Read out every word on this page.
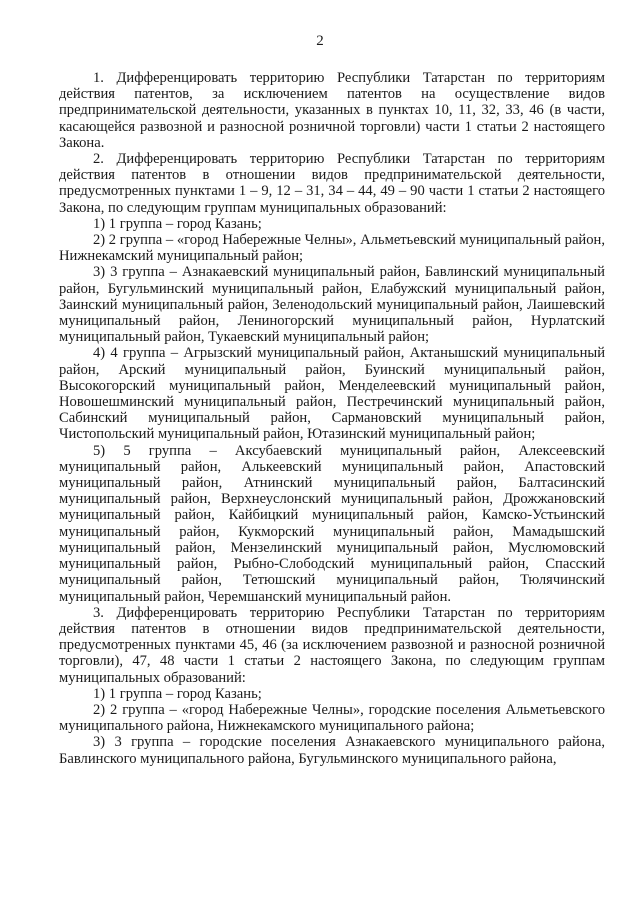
2

1. Дифференцировать территорию Республики Татарстан по территориям действия патентов, за исключением патентов на осуществление видов предпринимательской деятельности, указанных в пунктах 10, 11, 32, 33, 46 (в части, касающейся развозной и разносной розничной торговли) части 1 статьи 2 настоящего Закона.

2. Дифференцировать территорию Республики Татарстан по территориям действия патентов в отношении видов предпринимательской деятельности, предусмотренных пунктами 1 – 9, 12 – 31, 34 – 44, 49 – 90 части 1 статьи 2 настоящего Закона, по следующим группам муниципальных образований:

1) 1 группа – город Казань;

2) 2 группа – «город Набережные Челны», Альметьевский муниципальный район, Нижнекамский муниципальный район;

3) 3 группа – Азнакаевский муниципальный район, Бавлинский муниципальный район, Бугульминский муниципальный район, Елабужский муниципальный район, Заинский муниципальный район, Зеленодольский муниципальный район, Лаишевский муниципальный район, Лениногорский муниципальный район, Нурлатский муниципальный район, Тукаевский муниципальный район;

4) 4 группа – Агрызский муниципальный район, Актанышский муниципальный район, Арский муниципальный район, Буинский муниципальный район, Высокогорский муниципальный район, Менделеевский муниципальный район, Новошешминский муниципальный район, Пестречинский муниципальный район, Сабинский муниципальный район, Сармановский муниципальный район, Чистопольский муниципальный район, Ютазинский муниципальный район;

5) 5 группа – Аксубаевский муниципальный район, Алексеевский муниципальный район, Алькеевский муниципальный район, Апастовский муниципальный район, Атнинский муниципальный район, Балтасинский муниципальный район, Верхнеуслонский муниципальный район, Дрожжановский муниципальный район, Кайбицкий муниципальный район, Камско-Устьинский муниципальный район, Кукморский муниципальный район, Мамадышский муниципальный район, Мензелинский муниципальный район, Муслюмовский муниципальный район, Рыбно-Слободский муниципальный район, Спасский муниципальный район, Тетюшский муниципальный район, Тюлячинский муниципальный район, Черемшанский муниципальный район.

3. Дифференцировать территорию Республики Татарстан по территориям действия патентов в отношении видов предпринимательской деятельности, предусмотренных пунктами 45, 46 (за исключением развозной и разносной розничной торговли), 47, 48 части 1 статьи 2 настоящего Закона, по следующим группам муниципальных образований:

1) 1 группа – город Казань;

2) 2 группа – «город Набережные Челны», городские поселения Альметьевского муниципального района, Нижнекамского муниципального района;

3) 3 группа – городские поселения Азнакаевского муниципального района, Бавлинского муниципального района, Бугульминского муниципального района,
